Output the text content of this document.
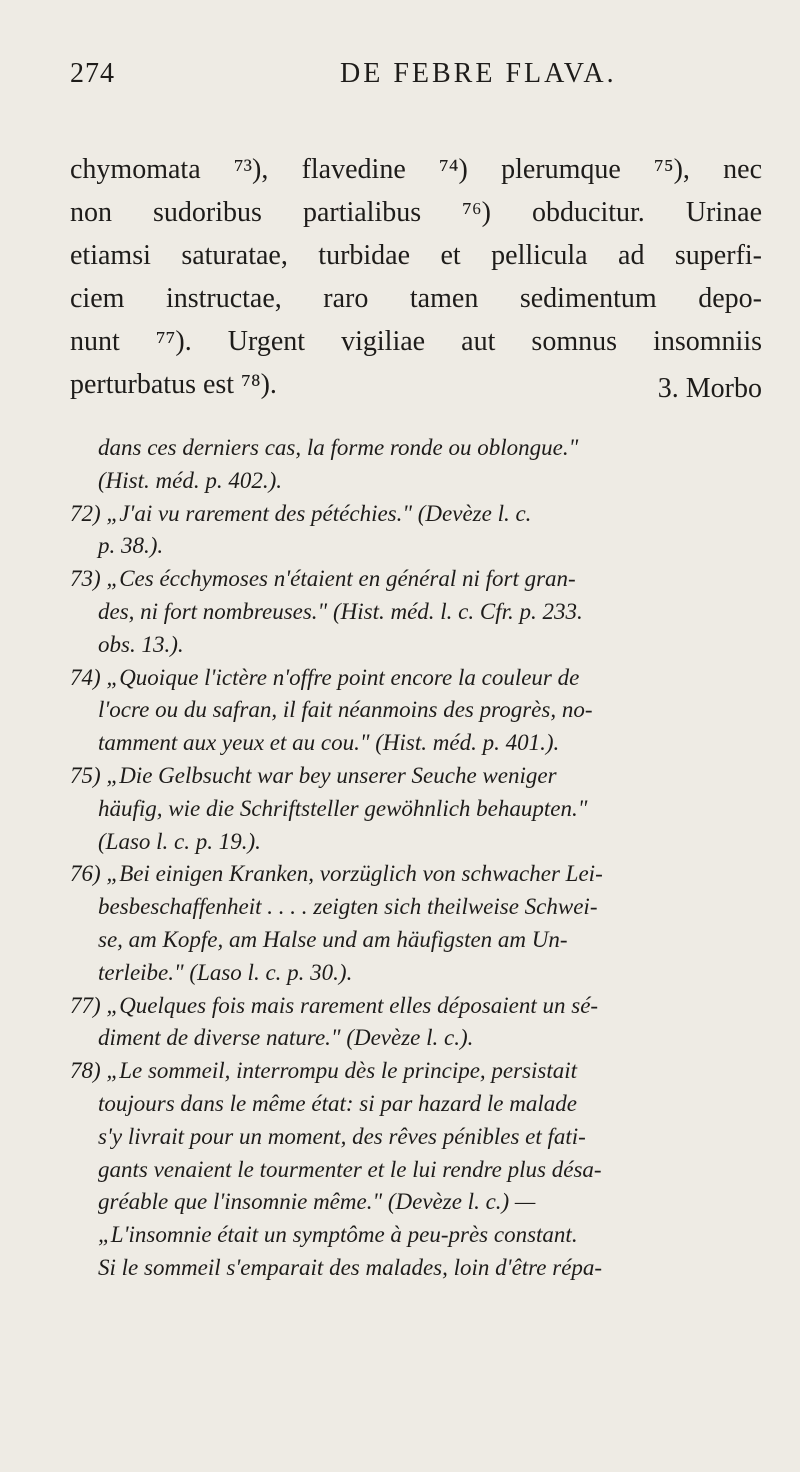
274	DE FEBRE FLAVA.
chymomata ⁷³), flavedine ⁷⁴) plerumque ⁷⁵), nec
non sudoribus partialibus ⁷⁶) obducitur. Urinae
etiamsi saturatae, turbidae et pellicula ad superfi-
ciem instructae, raro tamen sedimentum depo-
nunt ⁷⁷). Urgent vigiliae aut somnus insomniis
perturbatus est ⁷⁸).	3. Morbo
dans ces derniers cas, la forme ronde ou oblongue."
(Hist. méd. p. 402.).
72) „J'ai vu rarement des pétéchies." (Devèze l. c.
p. 38.).
73) „Ces écchymoses n'étaient en général ni fort gran-
des, ni fort nombreuses." (Hist. méd. l. c. Cfr. p. 233.
obs. 13.).
74) „Quoique l'ictère n'offre point encore la couleur de
l'ocre ou du safran, il fait néanmoins des progrès, no-
tamment aux yeux et au cou." (Hist. méd. p. 401.).
75) „Die Gelbsucht war bey unserer Seuche weniger
häufig, wie die Schriftsteller gewöhnlich behaupten."
(Laso l. c. p. 19.).
76) „Bei einigen Kranken, vorzüglich von schwacher Lei-
besbeschaffenheit . . . . zeigten sich theilweise Schwei-
se, am Kopfe, am Halse und am häufigsten am Un-
terleibe." (Laso l. c. p. 30.).
77) „Quelques fois mais rarement elles déposaient un sé-
diment de diverse nature." (Devèze l. c.).
78) „Le sommeil, interrompu dès le principe, persistait
toujours dans le même état: si par hazard le malade
s'y livrait pour un moment, des rêves pénibles et fati-
gants venaient le tourmenter et le lui rendre plus désa-
gréable que l'insomnie même." (Devèze l. c.) —
„L'insomnie était un symptôme à peu-près constant.
Si le sommeil s'emparait des malades, loin d'être répa-
